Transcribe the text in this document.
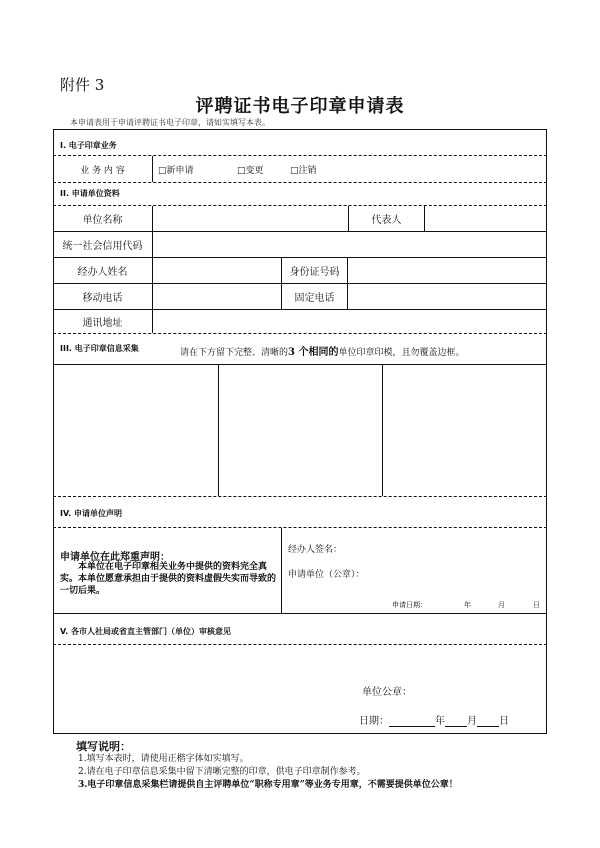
附件 3
评聘证书电子印章申请表
本申请表用于申请评聘证书电子印章，请如实填写本表。
I. 电子印章业务
业 务 内 容	□新申请	□变更	□注销
II. 申请单位资料
单位名称	代表人
统一社会信用代码
经办人姓名	身份证号码
移动电话	固定电话
通讯地址
III. 电子印章信息采集	请在下方留下完整、清晰的3 个相同的单位印章印模，且勿覆盖边框。
IV. 申请单位声明
申请单位在此郑重声明：
本单位在电子印章相关业务中提供的资料完全真实。本单位愿意承担由于提供的资料虚假失实而导致的一切后果。
经办人签名：
申请单位（公章）：
申请日期：	年	月	日
V. 各市人社局或省直主管部门（单位）审核意见
单位公章：
日期：	年 月 日
填写说明：
1.填写本表时，请使用正楷字体如实填写。
2.请在电子印章信息采集中留下清晰完整的印章，供电子印章制作参考。
3.电子印章信息采集栏请提供自主评聘单位“职称专用章”等业务专用章，不需要提供单位公章！
